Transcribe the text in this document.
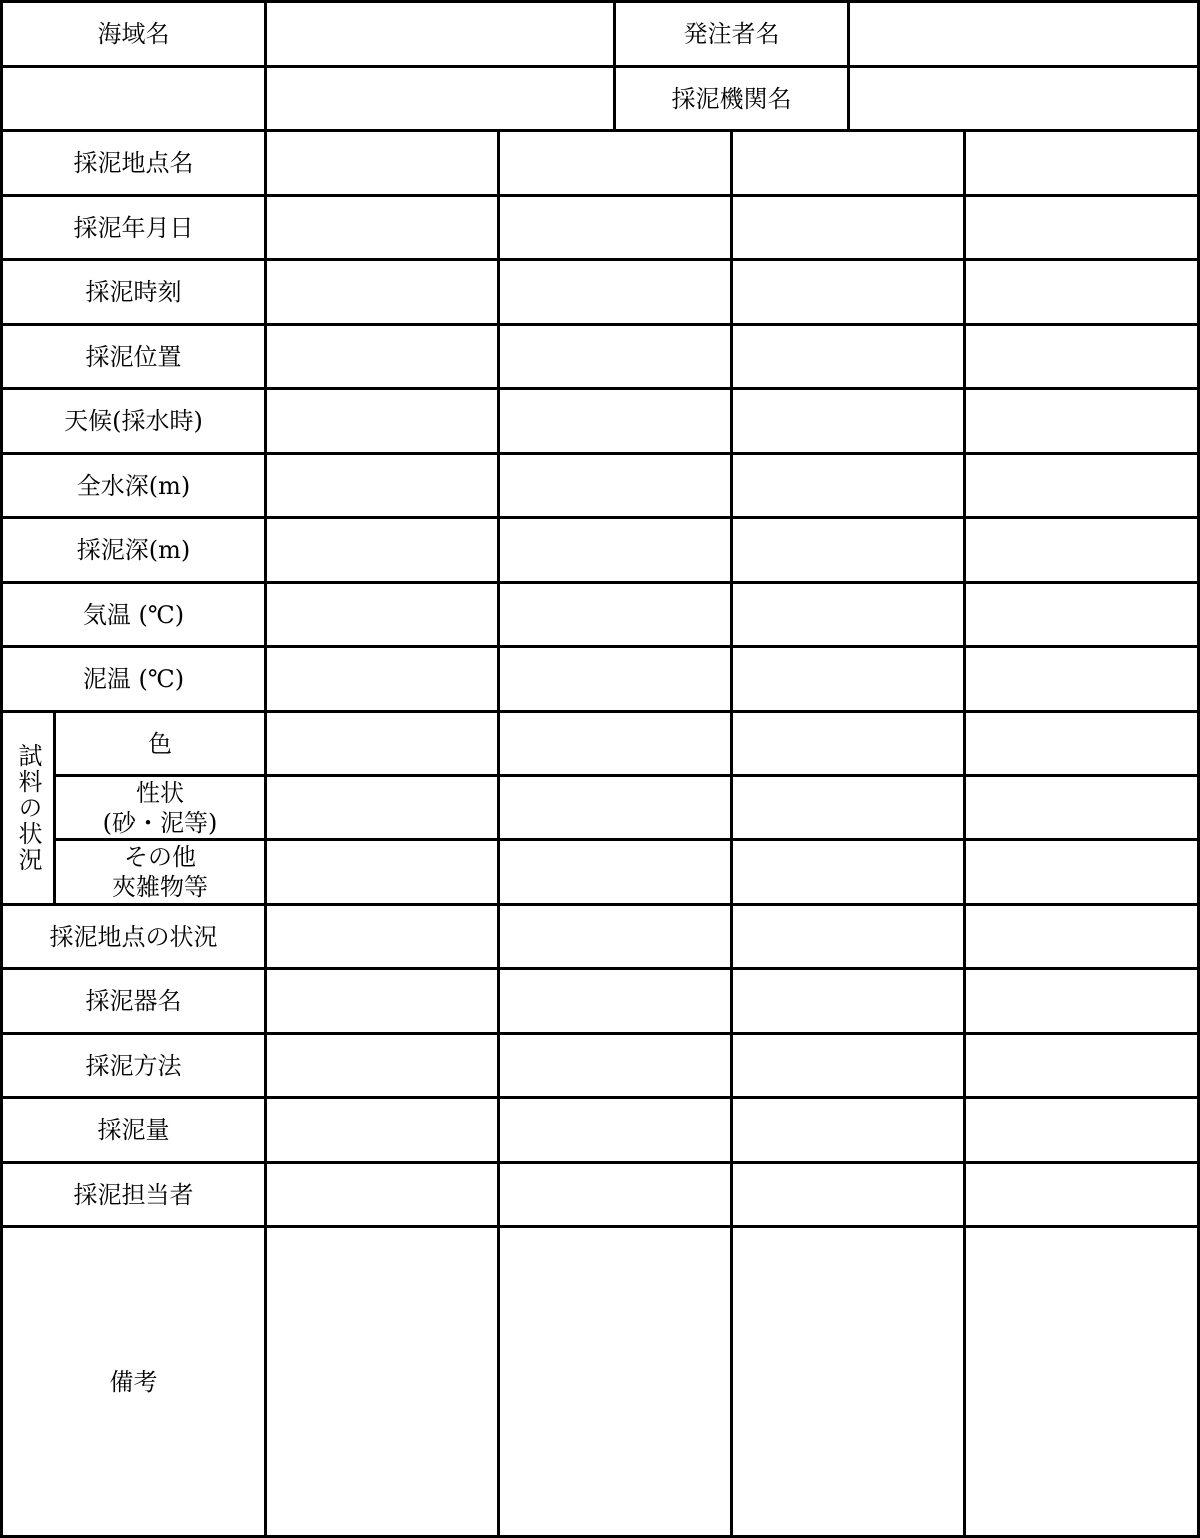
海域名	発注者名
採泥機関名
採泥地点名
採泥年月日
採泥時刻
採泥位置
天候(採水時)
全水深(m)
採泥深(m)
気温 (℃)
泥温 (℃)
試料の状況	色
性状
(砂・泥等)
その他
夾雑物等
採泥地点の状況
採泥器名
採泥方法
採泥量
採泥担当者
備考
